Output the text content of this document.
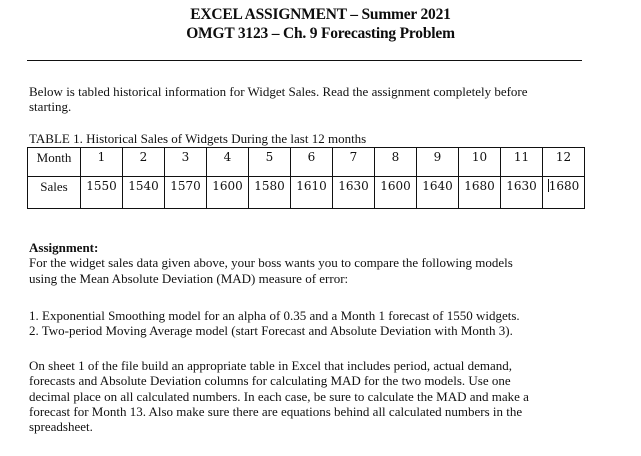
EXCEL ASSIGNMENT – Summer 2021
OMGT 3123 – Ch. 9 Forecasting Problem
Below is tabled historical information for Widget Sales. Read the assignment completely before
starting.
TABLE 1. Historical Sales of Widgets During the last 12 months
Month	1	2	3	4	5	6	7	8	9	10	11	12
Sales	1550	1540	1570	1600	1580	1610	1630	1600	1640	1680	1630	1680
Assignment:
For the widget sales data given above, your boss wants you to compare the following models
using the Mean Absolute Deviation (MAD) measure of error:
1. Exponential Smoothing model for an alpha of 0.35 and a Month 1 forecast of 1550 widgets.
2. Two-period Moving Average model (start Forecast and Absolute Deviation with Month 3).
On sheet 1 of the file build an appropriate table in Excel that includes period, actual demand,
forecasts and Absolute Deviation columns for calculating MAD for the two models. Use one
decimal place on all calculated numbers. In each case, be sure to calculate the MAD and make a
forecast for Month 13. Also make sure there are equations behind all calculated numbers in the
spreadsheet.
